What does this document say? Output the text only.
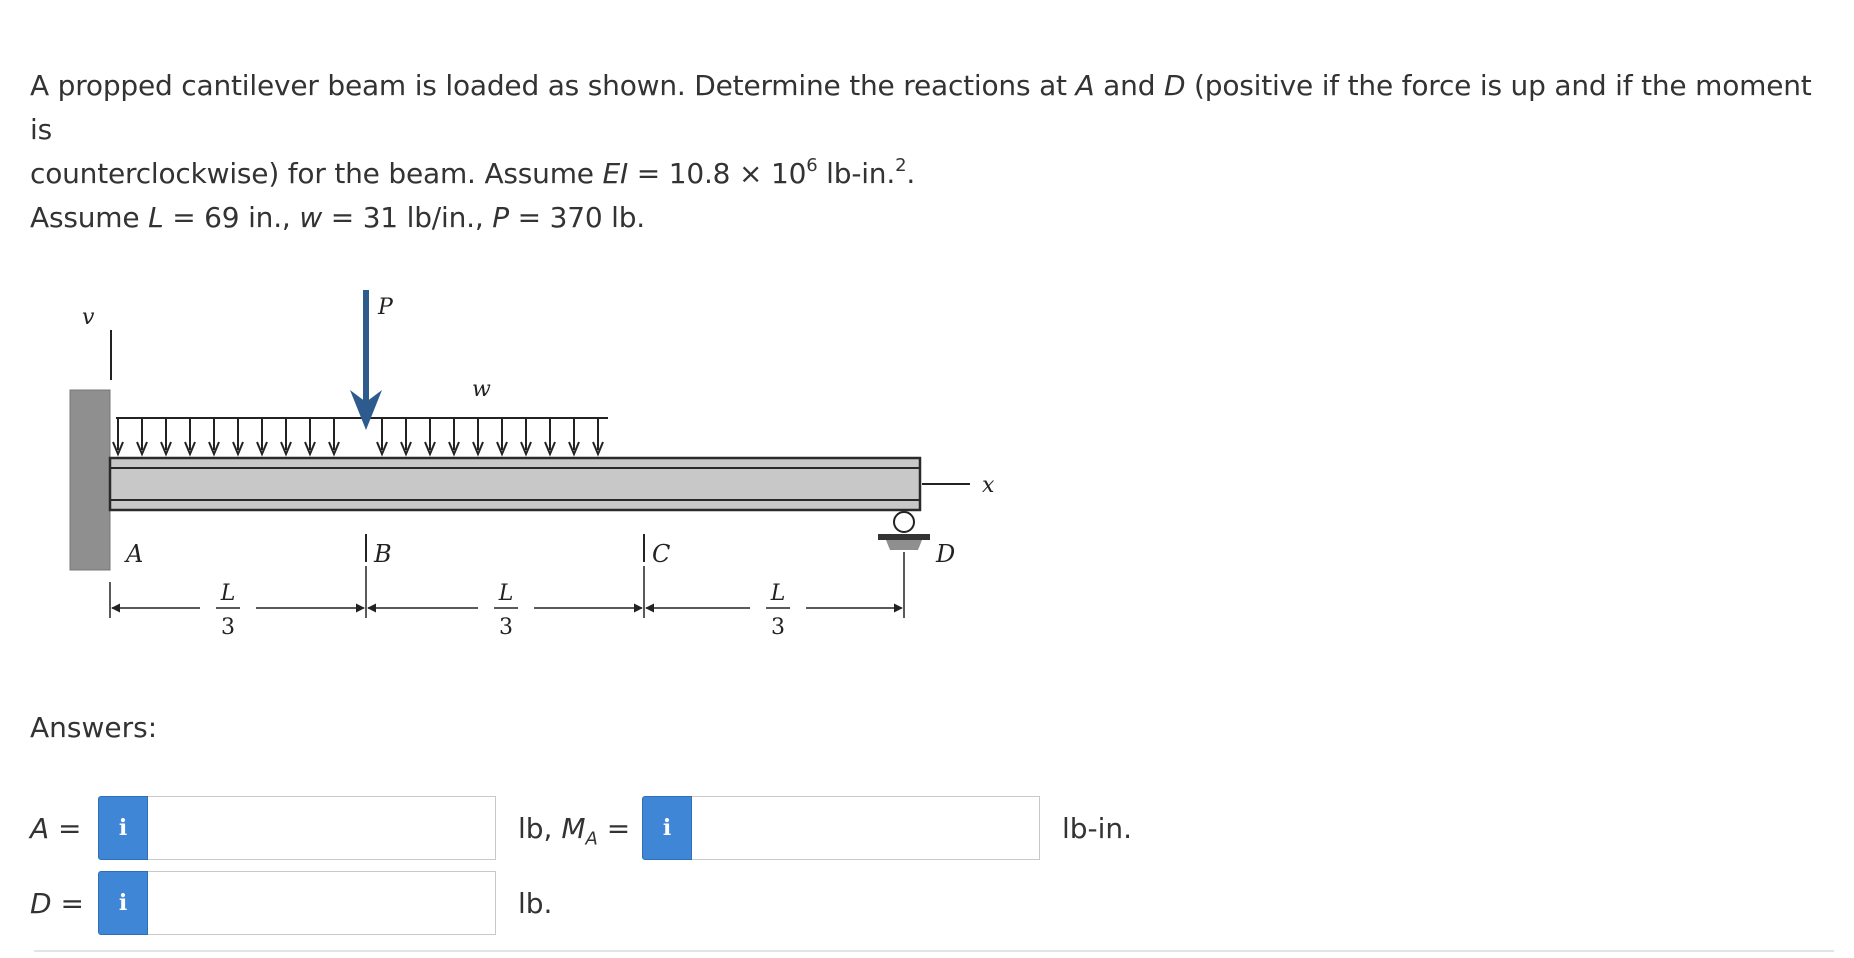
A propped cantilever beam is loaded as shown. Determine the reactions at A and D (positive if the force is up and if the moment is

counterclockwise) for the beam. Assume EI = $10.8 \times 10^6$ lb-in.$^2$.

Assume L = 69 in., w = 31 lb/in., P = 370 lb.
v
w
P
x
A	B	C	D
L
3
L
3
L
3
Answers:
A =	i	lb, $M_A$ =	i	lb-in.
D =	i	lb.
